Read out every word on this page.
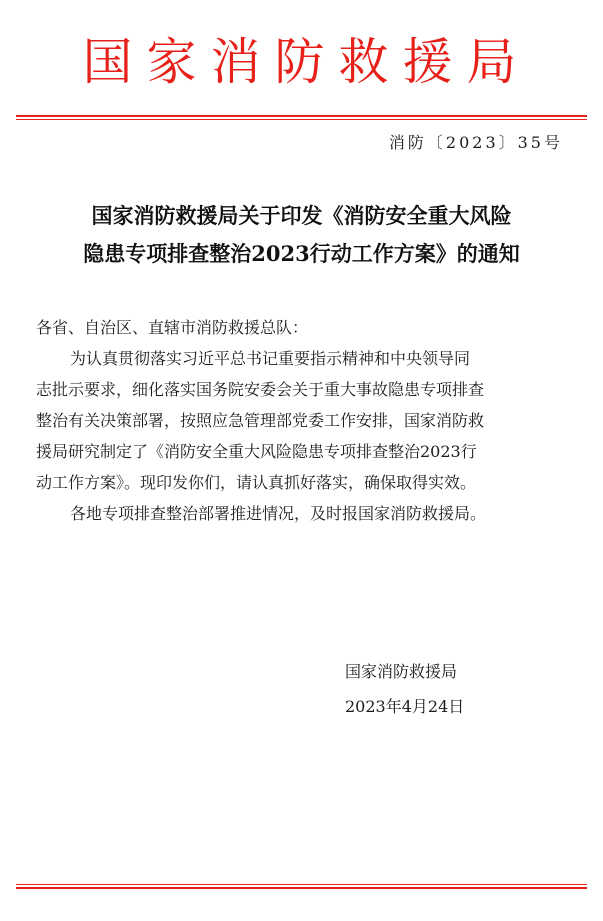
国家消防救援局
消防〔2023〕35号
国家消防救援局关于印发《消防安全重大风险
隐患专项排查整治2023行动工作方案》的通知
各省、自治区、直辖市消防救援总队：
为认真贯彻落实习近平总书记重要指示精神和中央领导同
志批示要求，细化落实国务院安委会关于重大事故隐患专项排查
整治有关决策部署，按照应急管理部党委工作安排，国家消防救
援局研究制定了《消防安全重大风险隐患专项排查整治2023行
动工作方案》。现印发你们，请认真抓好落实，确保取得实效。
各地专项排查整治部署推进情况，及时报国家消防救援局。
国家消防救援局
2023年4月24日
